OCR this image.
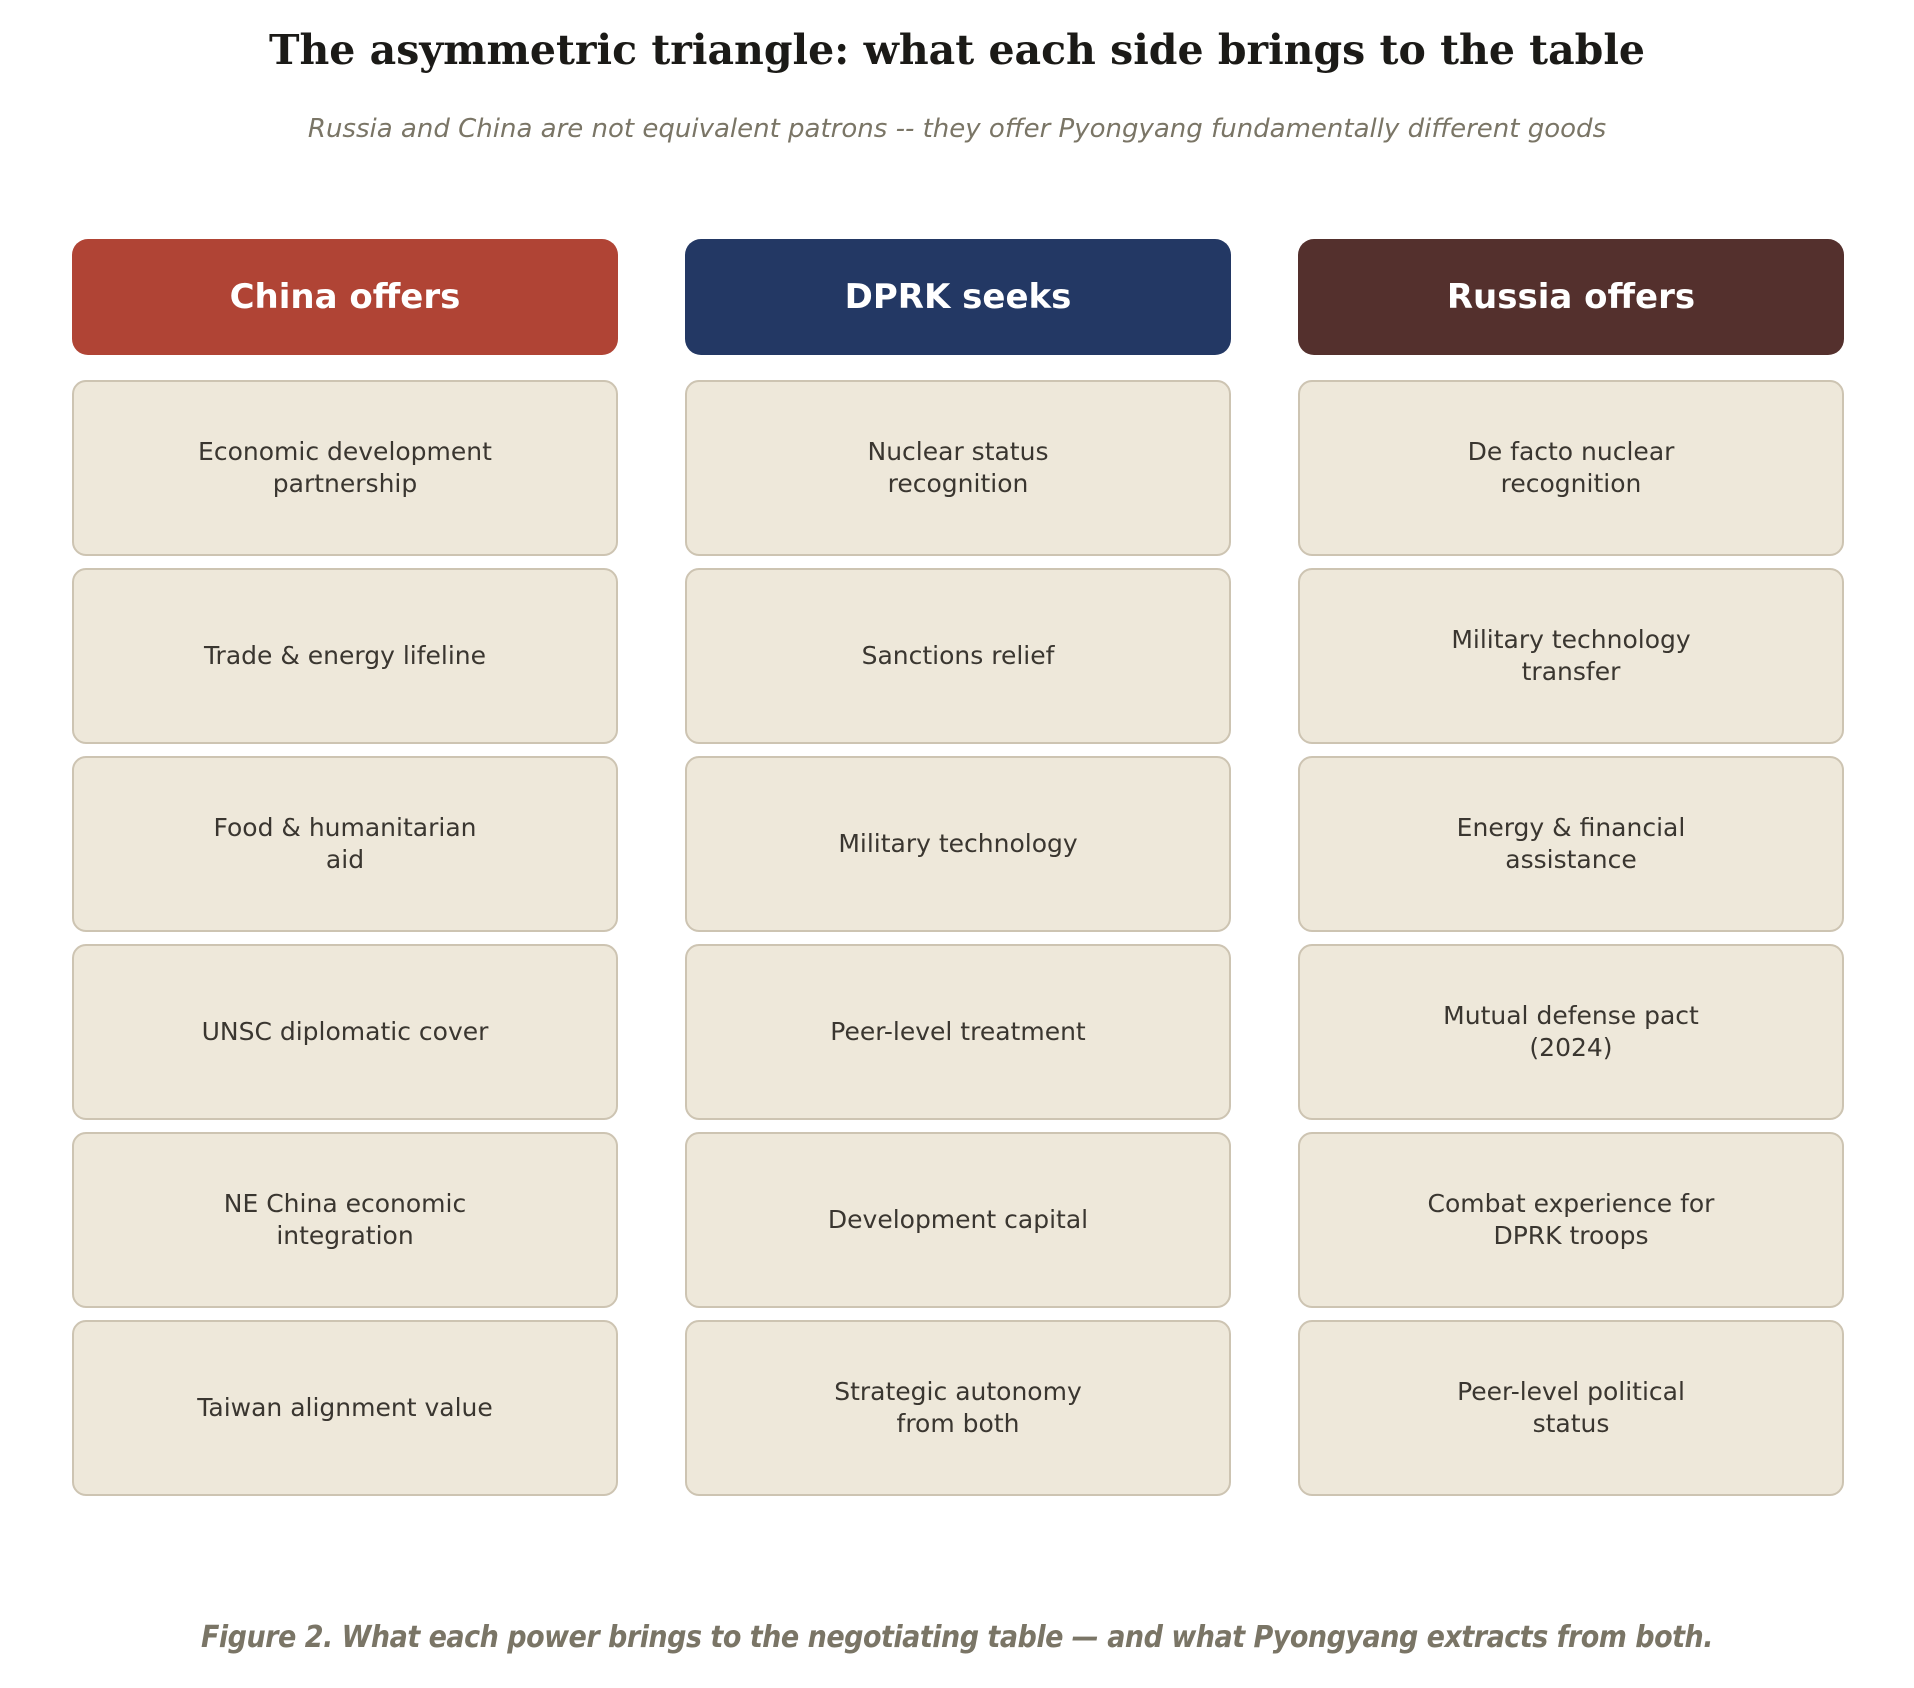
The asymmetric triangle: what each side brings to the table

Russia and China are not equivalent patrons -- they offer Pyongyang fundamentally different goods

China offers
Economic development partnership
Trade & energy lifeline
Food & humanitarian aid
UNSC diplomatic cover
NE China economic integration
Taiwan alignment value
DPRK seeks
Nuclear status recognition
Sanctions relief
Military technology
Peer-level treatment
Development capital
Strategic autonomy from both
Russia offers
De facto nuclear recognition
Military technology transfer
Energy & financial assistance
Mutual defense pact (2024)
Combat experience for DPRK troops
Peer-level political status

Figure 2. What each power brings to the negotiating table — and what Pyongyang extracts from both.
